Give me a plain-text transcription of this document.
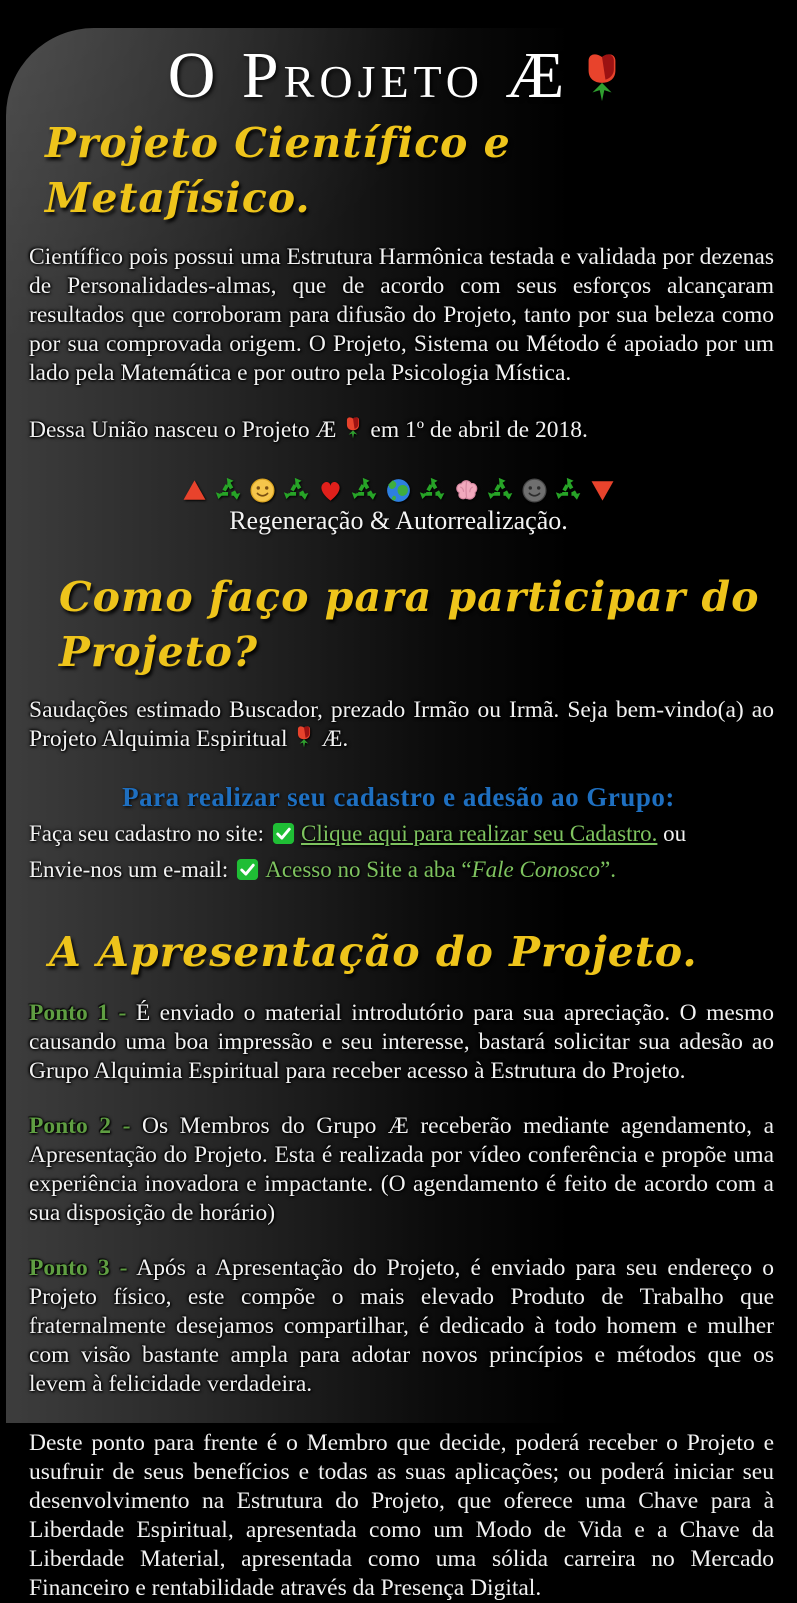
O Projeto Æ
Projeto Científico e Metafísico.

Científico pois possui uma Estrutura Harmônica testada e validada por dezenas de Personalidades-almas, que de acordo com seus esforços alcançaram resultados que corroboram para difusão do Projeto, tanto por sua beleza como por sua comprovada origem. O Projeto, Sistema ou Método é apoiado por um lado pela Matemática e por outro pela Psicologia Mística.

Dessa União nasceu o Projeto Æ em 1º de abril de 2018.

Regeneração & Autorrealização.
Como faço para participar do Projeto?

Saudações estimado Buscador, prezado Irmão ou Irmã. Seja bem-vindo(a) ao Projeto Alquimia Espiritual Æ.

Para realizar seu cadastro e adesão ao Grupo:
Faça seu cadastro no site: Clique aqui para realizar seu Cadastro. ou
Envie-nos um e-mail: Acesso no Site a aba “Fale Conosco”.
A Apresentação do Projeto.

Ponto 1 - É enviado o material introdutório para sua apreciação. O mesmo causando uma boa impressão e seu interesse, bastará solicitar sua adesão ao Grupo Alquimia Espiritual para receber acesso à Estrutura do Projeto.

Ponto 2 - Os Membros do Grupo Æ receberão mediante agendamento, a Apresentação do Projeto. Esta é realizada por vídeo conferência e propõe uma experiência inovadora e impactante. (O agendamento é feito de acordo com a sua disposição de horário)

Ponto 3 - Após a Apresentação do Projeto, é enviado para seu endereço o Projeto físico, este compõe o mais elevado Produto de Trabalho que fraternalmente desejamos compartilhar, é dedicado à todo homem e mulher com visão bastante ampla para adotar novos princípios e métodos que os levem à felicidade verdadeira.

Deste ponto para frente é o Membro que decide, poderá receber o Projeto e usufruir de seus benefícios e todas as suas aplicações; ou poderá iniciar seu desenvolvimento na Estrutura do Projeto, que oferece uma Chave para à Liberdade Espiritual, apresentada como um Modo de Vida e a Chave da Liberdade Material, apresentada como uma sólida carreira no Mercado Financeiro e rentabilidade através da Presença Digital.
